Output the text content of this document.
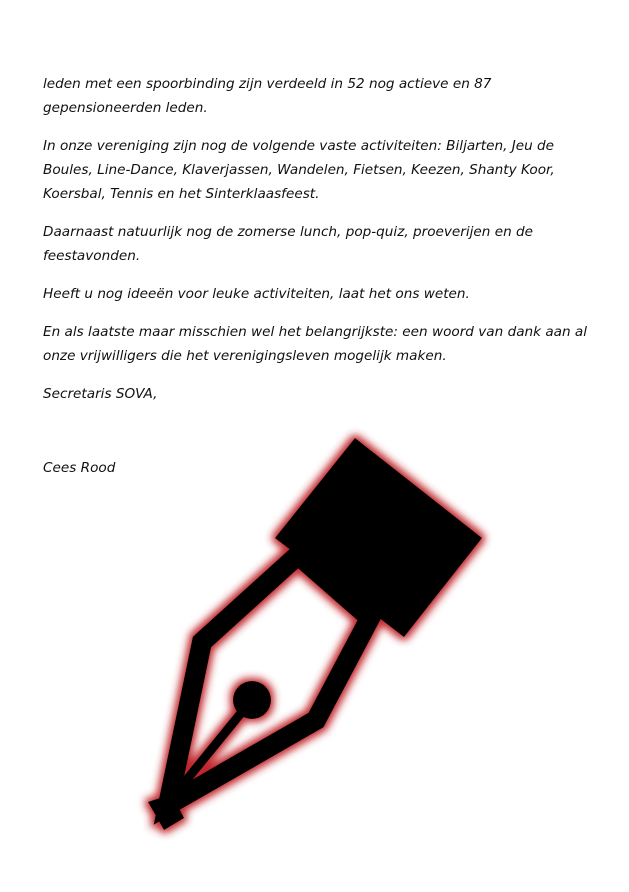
leden met een spoorbinding zijn verdeeld in 52 nog actieve en 87 gepensioneerden leden.

In onze vereniging zijn nog de volgende vaste activiteiten: Biljarten, Jeu de Boules, Line-Dance, Klaverjassen, Wandelen, Fietsen, Keezen, Shanty Koor, Koersbal, Tennis en het Sinterklaasfeest.

Daarnaast natuurlijk nog de zomerse lunch, pop-quiz, proeverijen en de feestavonden.

Heeft u nog ideeën voor leuke activiteiten, laat het ons weten.

En als laatste maar misschien wel het belangrijkste: een woord van dank aan al onze vrijwilligers die het verenigingsleven mogelijk maken.

Secretaris SOVA,

Cees Rood
